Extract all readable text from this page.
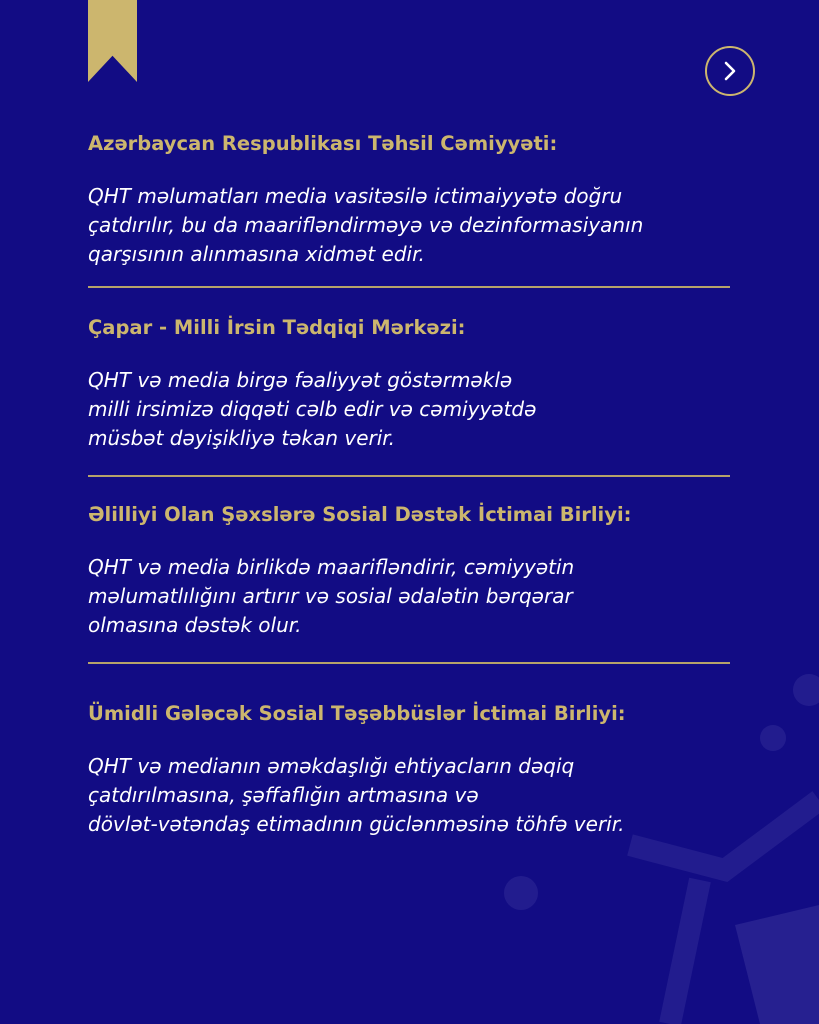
Azərbaycan Respublikası Təhsil Cəmiyyəti:
QHT məlumatları media vasitəsilə ictimaiyyətə doğru
çatdırılır, bu da maarifləndirməyə və dezinformasiyanın
qarşısının alınmasına xidmət edir.
Çapar - Milli İrsin Tədqiqi Mərkəzi:
QHT və media birgə fəaliyyət göstərməklə
milli irsimizə diqqəti cəlb edir və cəmiyyətdə
müsbət dəyişikliyə təkan verir.
Əlilliyi Olan Şəxslərə Sosial Dəstək İctimai Birliyi:
QHT və media birlikdə maarifləndirir, cəmiyyətin
məlumatlılığını artırır və sosial ədalətin bərqərar
olmasına dəstək olur.
Ümidli Gələcək Sosial Təşəbbüslər İctimai Birliyi:
QHT və medianın əməkdaşlığı ehtiyacların dəqiq
çatdırılmasına, şəffaflığın artmasına və
dövlət-vətəndaş etimadının güclənməsinə töhfə verir.
